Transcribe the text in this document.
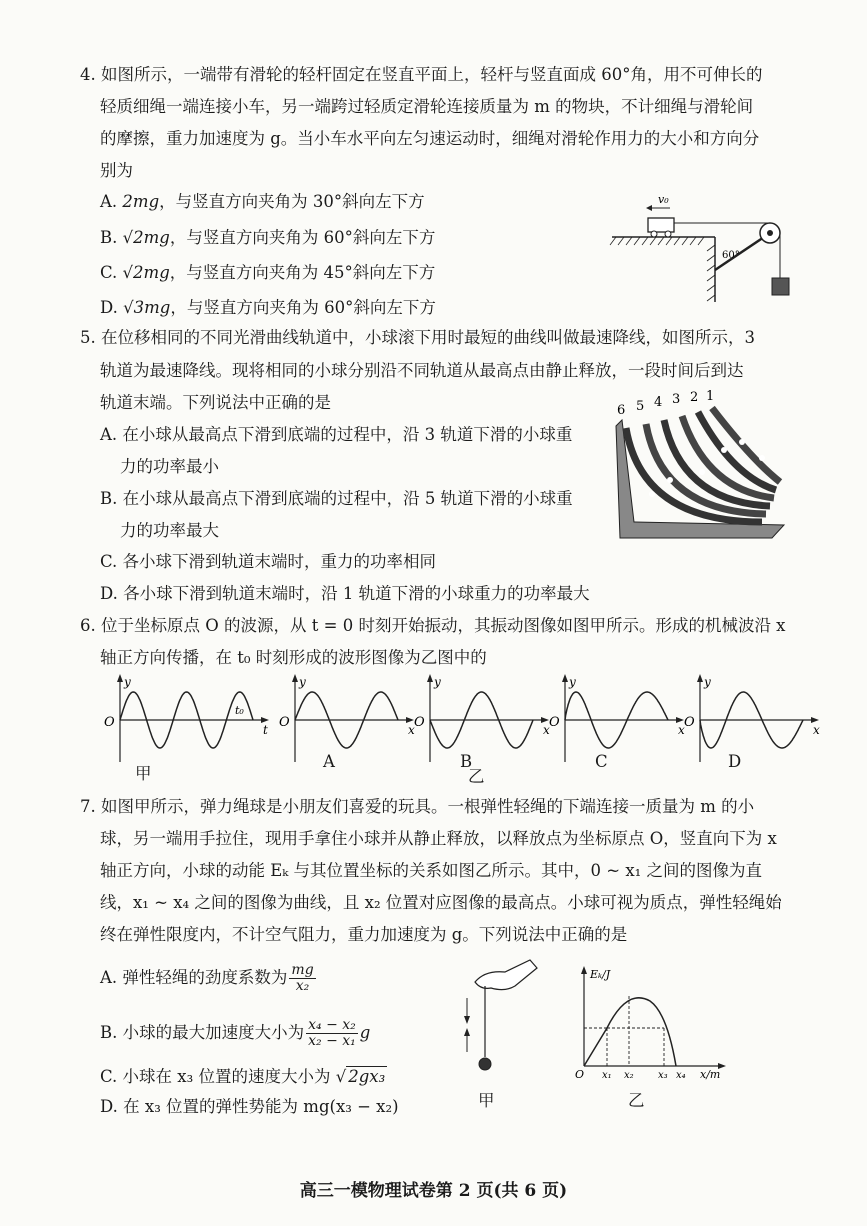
4. 如图所示，一端带有滑轮的轻杆固定在竖直平面上，轻杆与竖直面成 60°角，用不可伸长的
轻质细绳一端连接小车，另一端跨过轻质定滑轮连接质量为 m 的物块，不计细绳与滑轮间
的摩擦，重力加速度为 g。当小车水平向左匀速运动时，细绳对滑轮作用力的大小和方向分
别为
A. 2mg，与竖直方向夹角为 30°斜向左下方
B. √2mg，与竖直方向夹角为 60°斜向左下方
C. √2mg，与竖直方向夹角为 45°斜向左下方
D. √3mg，与竖直方向夹角为 60°斜向左下方
v₀
60°
5. 在位移相同的不同光滑曲线轨道中，小球滚下用时最短的曲线叫做最速降线，如图所示，3
轨道为最速降线。现将相同的小球分别沿不同轨道从最高点由静止释放，一段时间后到达
轨道末端。下列说法中正确的是
A. 在小球从最高点下滑到底端的过程中，沿 3 轨道下滑的小球重
力的功率最小
B. 在小球从最高点下滑到底端的过程中，沿 5 轨道下滑的小球重
力的功率最大
C. 各小球下滑到轨道末端时，重力的功率相同
D. 各小球下滑到轨道末端时，沿 1 轨道下滑的小球重力的功率最大
6 5 4 3 2 1
6. 位于坐标原点 O 的波源，从 t = 0 时刻开始振动，其振动图像如图甲所示。形成的机械波沿 x
轴正方向传播，在 t₀ 时刻形成的波形图像为乙图中的
y
O	t
t₀
y
O	x
y
O	x
y
O	x
y
O	x
甲
A	B	C	D
乙
7. 如图甲所示，弹力绳球是小朋友们喜爱的玩具。一根弹性轻绳的下端连接一质量为 m 的小
球，另一端用手拉住，现用手拿住小球并从静止释放，以释放点为坐标原点 O，竖直向下为 x
轴正方向，小球的动能 Eₖ 与其位置坐标的关系如图乙所示。其中，0 ~ x₁ 之间的图像为直
线，x₁ ~ x₄ 之间的图像为曲线，且 x₂ 位置对应图像的最高点。小球可视为质点，弹性轻绳始
终在弹性限度内，不计空气阻力，重力加速度为 g。下列说法中正确的是
A. 弹性轻绳的劲度系数为 $\frac{mg}{\text{x₂}}$
B. 小球的最大加速度大小为 $\frac{\text{x₄ − x₂}}{\text{x₂ − x₁}}$ g
C. 小球在 x₃ 位置的速度大小为 √ 2gx₃
D. 在 x₃ 位置的弹性势能为 mg(x₃ − x₂)	甲
Eₖ/J
x/m
O x₁ x₂ x₃ x₄
乙
高三一模物理试卷第 2 页(共 6 页)
